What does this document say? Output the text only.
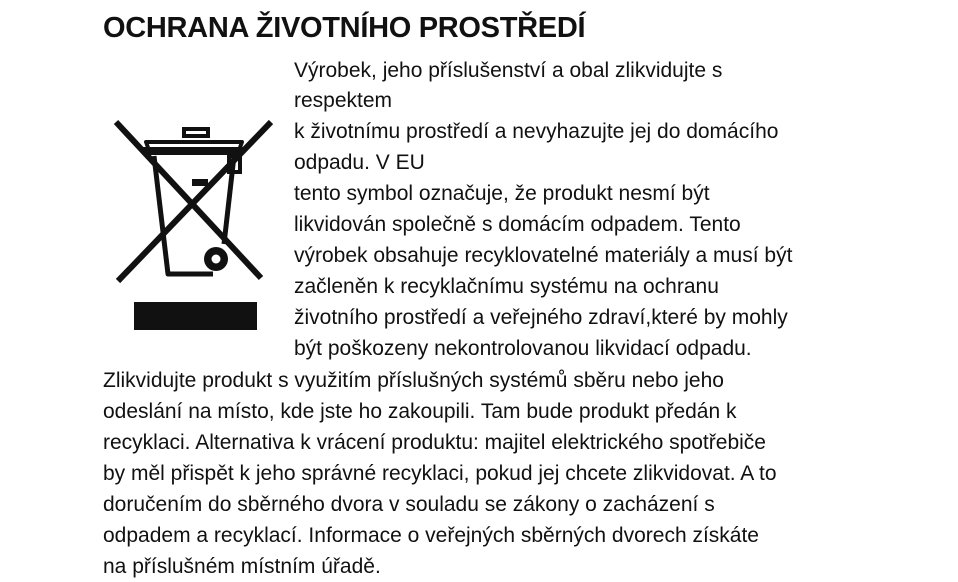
OCHRANA ŽIVOTNÍHO PROSTŘEDÍ
Výrobek, jeho příslušenství a obal zlikvidujte s
respektem
k životnímu prostředí a nevyhazujte jej do domácího
odpadu. V EU
tento symbol označuje, že produkt nesmí být
likvidován společně s domácím odpadem. Tento
výrobek obsahuje recyklovatelné materiály a musí být
začleněn k recyklačnímu systému na ochranu
životního prostředí a veřejného zdraví,které by mohly
být poškozeny nekontrolovanou likvidací odpadu.
Zlikvidujte produkt s využitím příslušných systémů sběru nebo jeho
odeslání na místo, kde jste ho zakoupili. Tam bude produkt předán k
recyklaci. Alternativa k vrácení produktu: majitel elektrického spotřebiče
by měl přispět k jeho správné recyklaci, pokud jej chcete zlikvidovat. A to
doručením do sběrného dvora v souladu se zákony o zacházení s
odpadem a recyklací. Informace o veřejných sběrných dvorech získáte
na příslušném místním úřadě.
